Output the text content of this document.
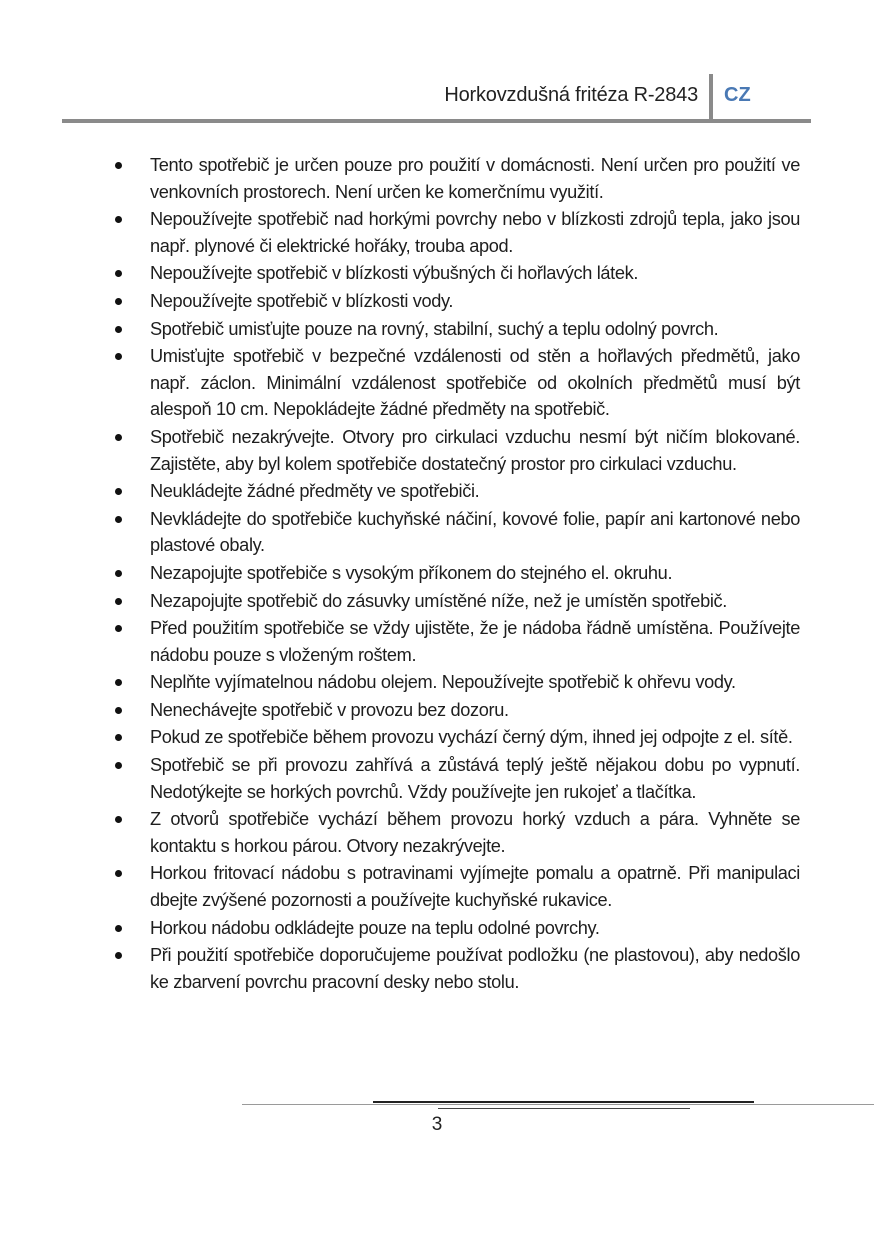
Horkovzdušná fritéza R-2843 CZ
Tento spotřebič je určen pouze pro použití v domácnosti. Není určen pro použití ve venkovních prostorech. Není určen ke komerčnímu využití.
Nepoužívejte spotřebič nad horkými povrchy nebo v blízkosti zdrojů tepla, jako jsou např. plynové či elektrické hořáky, trouba apod.
Nepoužívejte spotřebič v blízkosti výbušných či hořlavých látek.
Nepoužívejte spotřebič v blízkosti vody.
Spotřebič umisťujte pouze na rovný, stabilní, suchý a teplu odolný povrch.
Umisťujte spotřebič v bezpečné vzdálenosti od stěn a hořlavých předmětů, jako např. záclon. Minimální vzdálenost spotřebiče od okolních předmětů musí být alespoň 10 cm. Nepokládejte žádné předměty na spotřebič.
Spotřebič nezakrývejte. Otvory pro cirkulaci vzduchu nesmí být ničím blokované. Zajistěte, aby byl kolem spotřebiče dostatečný prostor pro cirkulaci vzduchu.
Neukládejte žádné předměty ve spotřebiči.
Nevkládejte do spotřebiče kuchyňské náčiní, kovové folie, papír ani kartonové nebo plastové obaly.
Nezapojujte spotřebiče s vysokým příkonem do stejného el. okruhu.
Nezapojujte spotřebič do zásuvky umístěné níže, než je umístěn spotřebič.
Před použitím spotřebiče se vždy ujistěte, že je nádoba řádně umístěna. Používejte nádobu pouze s vloženým roštem.
Neplňte vyjímatelnou nádobu olejem. Nepoužívejte spotřebič k ohřevu vody.
Nenechávejte spotřebič v provozu bez dozoru.
Pokud ze spotřebiče během provozu vychází černý dým, ihned jej odpojte z el. sítě.
Spotřebič se při provozu zahřívá a zůstává teplý ještě nějakou dobu po vypnutí. Nedotýkejte se horkých povrchů. Vždy používejte jen rukojeť a tlačítka.
Z otvorů spotřebiče vychází během provozu horký vzduch a pára. Vyhněte se kontaktu s horkou párou. Otvory nezakrývejte.
Horkou fritovací nádobu s potravinami vyjímejte pomalu a opatrně. Při manipulaci dbejte zvýšené pozornosti a používejte kuchyňské rukavice.
Horkou nádobu odkládejte pouze na teplu odolné povrchy.
Při použití spotřebiče doporučujeme používat podložku (ne plastovou), aby nedošlo ke zbarvení povrchu pracovní desky nebo stolu.
3
